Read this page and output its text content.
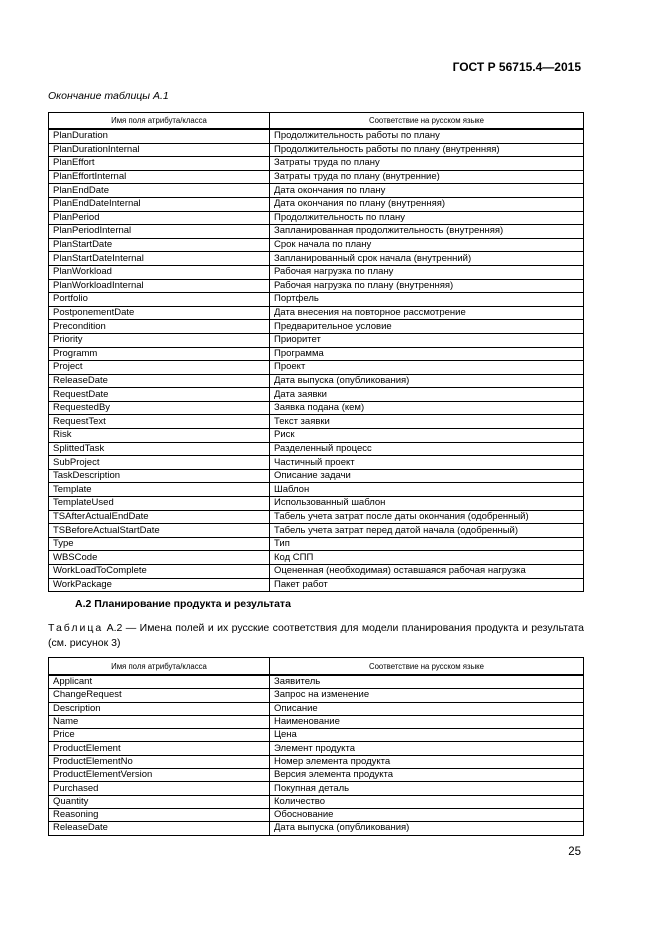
ГОСТ Р 56715.4—2015
Окончание таблицы А.1
Имя поля атрибута/класса	Соответствие на русском языке
PlanDuration	Продолжительность работы по плану
PlanDurationInternal	Продолжительность работы по плану (внутренняя)
PlanEffort	Затраты труда по плану
PlanEffortInternal	Затраты труда по плану (внутренние)
PlanEndDate	Дата окончания по плану
PlanEndDateInternal	Дата окончания по плану (внутренняя)
PlanPeriod	Продолжительность по плану
PlanPeriodInternal	Запланированная продолжительность (внутренняя)
PlanStartDate	Срок начала по плану
PlanStartDateInternal	Запланированный срок начала (внутренний)
PlanWorkload	Рабочая нагрузка по плану
PlanWorkloadInternal	Рабочая нагрузка по плану (внутренняя)
Portfolio	Портфель
PostponementDate	Дата внесения на повторное рассмотрение
Precondition	Предварительное условие
Priority	Приоритет
Programm	Программа
Project	Проект
ReleaseDate	Дата выпуска (опубликования)
RequestDate	Дата заявки
RequestedBy	Заявка подана (кем)
RequestText	Текст заявки
Risk	Риск
SplittedTask	Разделенный процесс
SubProject	Частичный проект
TaskDescription	Описание задачи
Template	Шаблон
TemplateUsed	Использованный шаблон
TSAfterActualEndDate	Табель учета затрат после даты окончания (одобренный)
TSBeforeActualStartDate	Табель учета затрат перед датой начала (одобренный)
Type	Тип
WBSCode	Код СПП
WorkLoadToComplete	Оцененная (необходимая) оставшаяся рабочая нагрузка
WorkPackage	Пакет работ
А.2 Планирование продукта и результата
Таблица А.2 — Имена полей и их русские соответствия для модели планирования продукта и результата (см. рисунок 3)
Имя поля атрибута/класса	Соответствие на русском языке
Applicant	Заявитель
ChangeRequest	Запрос на изменение
Description	Описание
Name	Наименование
Price	Цена
ProductElement	Элемент продукта
ProductElementNo	Номер элемента продукта
ProductElementVersion	Версия элемента продукта
Purchased	Покупная деталь
Quantity	Количество
Reasoning	Обоснование
ReleaseDate	Дата выпуска (опубликования)
25
